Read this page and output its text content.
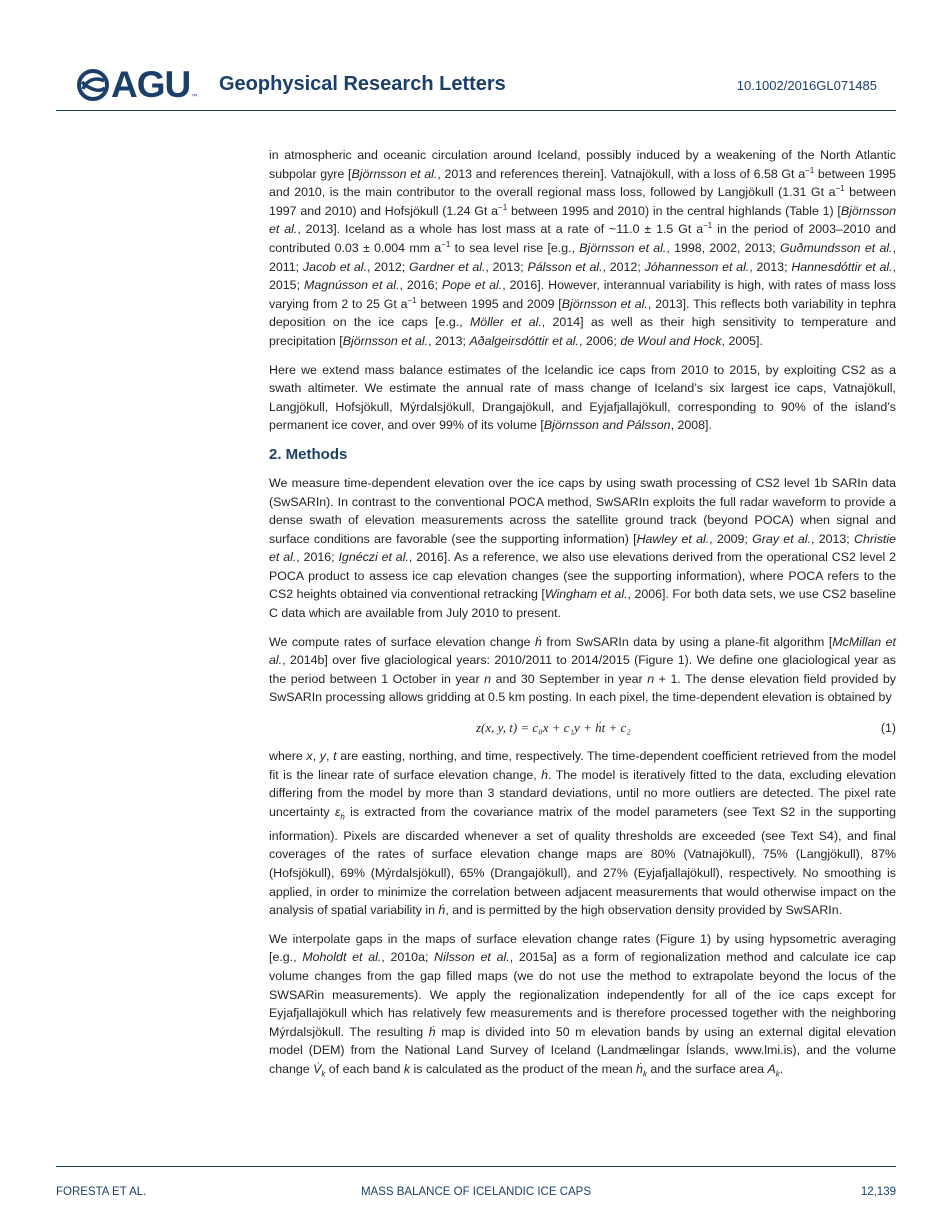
AGU ™
Geophysical Research Letters	10.1002/2016GL071485

in atmospheric and oceanic circulation around Iceland, possibly induced by a weakening of the North Atlantic subpolar gyre [Björnsson et al., 2013 and references therein]. Vatnajökull, with a loss of 6.58 Gt $a^{-1}$ between 1995 and 2010, is the main contributor to the overall regional mass loss, followed by Langjökull (1.31 Gt $a^{-1}$ between 1997 and 2010) and Hofsjökull (1.24 Gt $a^{-1}$ between 1995 and 2010) in the central highlands (Table 1) [Björnsson et al., 2013]. Iceland as a whole has lost mass at a rate of ~11.0 ± 1.5 Gt $a^{-1}$ in the period of 2003–2010 and contributed 0.03 ± 0.004 mm $a^{-1}$ to sea level rise [e.g., Björnsson et al., 1998, 2002, 2013; Guðmundsson et al., 2011; Jacob et al., 2012; Gardner et al., 2013; Pálsson et al., 2012; Jóhannesson et al., 2013; Hannesdóttir et al., 2015; Magnússon et al., 2016; Pope et al., 2016]. However, interannual variability is high, with rates of mass loss varying from 2 to 25 Gt $a^{-1}$ between 1995 and 2009 [Björnsson et al., 2013]. This reflects both variability in tephra deposition on the ice caps [e.g., Möller et al., 2014] as well as their high sensitivity to temperature and precipitation [Björnsson et al., 2013; Aðalgeirsdóttir et al., 2006; de Woul and Hock, 2005].

Here we extend mass balance estimates of the Icelandic ice caps from 2010 to 2015, by exploiting CS2 as a swath altimeter. We estimate the annual rate of mass change of Iceland’s six largest ice caps, Vatnajökull, Langjökull, Hofsjökull, Mýrdalsjökull, Drangajökull, and Eyjafjallajökull, corresponding to 90% of the island’s permanent ice cover, and over 99% of its volume [Björnsson and Pálsson, 2008].

2. Methods

We measure time-dependent elevation over the ice caps by using swath processing of CS2 level 1b SARIn data (SwSARIn). In contrast to the conventional POCA method, SwSARIn exploits the full radar waveform to provide a dense swath of elevation measurements across the satellite ground track (beyond POCA) when signal and surface conditions are favorable (see the supporting information) [Hawley et al., 2009; Gray et al., 2013; Christie et al., 2016; Ignéczi et al., 2016]. As a reference, we also use elevations derived from the operational CS2 level 2 POCA product to assess ice cap elevation changes (see the supporting information), where POCA refers to the CS2 heights obtained via conventional retracking [Wingham et al., 2006]. For both data sets, we use CS2 baseline C data which are available from July 2010 to present.

We compute rates of surface elevation change ḣ from SwSARIn data by using a plane-fit algorithm [McMillan et al., 2014b] over five glaciological years: 2010/2011 to 2014/2015 (Figure 1). We define one glaciological year as the period between 1 October in year n and 30 September in year n + 1. The dense elevation field provided by SwSARIn processing allows gridding at 0.5 km posting. In each pixel, the time-dependent elevation is obtained by

z(x, y, t) = c₀x + c₁y + ḣt + c₂	(1)

where x, y, t are easting, northing, and time, respectively. The time-dependent coefficient retrieved from the model fit is the linear rate of surface elevation change, ḣ. The model is iteratively fitted to the data, excluding elevation differing from the model by more than 3 standard deviations, until no more outliers are detected. The pixel rate uncertainty $\varepsilon_ḣ$ is extracted from the covariance matrix of the model parameters (see Text S2 in the supporting information). Pixels are discarded whenever a set of quality thresholds are exceeded (see Text S4), and final coverages of the rates of surface elevation change maps are 80% (Vatnajökull), 75% (Langjökull), 87% (Hofsjökull), 69% (Mýrdalsjökull), 65% (Drangajökull), and 27% (Eyjafjallajökull), respectively. No smoothing is applied, in order to minimize the correlation between adjacent measurements that would otherwise impact on the analysis of spatial variability in ḣ, and is permitted by the high observation density provided by SwSARIn.

We interpolate gaps in the maps of surface elevation change rates (Figure 1) by using hypsometric averaging [e.g., Moholdt et al., 2010a; Nilsson et al., 2015a] as a form of regionalization method and calculate ice cap volume changes from the gap filled maps (we do not use the method to extrapolate beyond the locus of the SWSARin measurements). We apply the regionalization independently for all of the ice caps except for Eyjafjallajökull which has relatively few measurements and is therefore processed together with the neighboring Mýrdalsjökull. The resulting ḣ map is divided into 50 m elevation bands by using an external digital elevation model (DEM) from the National Land Survey of Iceland (Landmælingar Íslands, www.lmi.is), and the volume change $V̇_k$ of each band k is calculated as the product of the mean ḣ$_k$ and the surface area $A_k$.

FORESTA ET AL.	MASS BALANCE OF ICELANDIC ICE CAPS	12,139
